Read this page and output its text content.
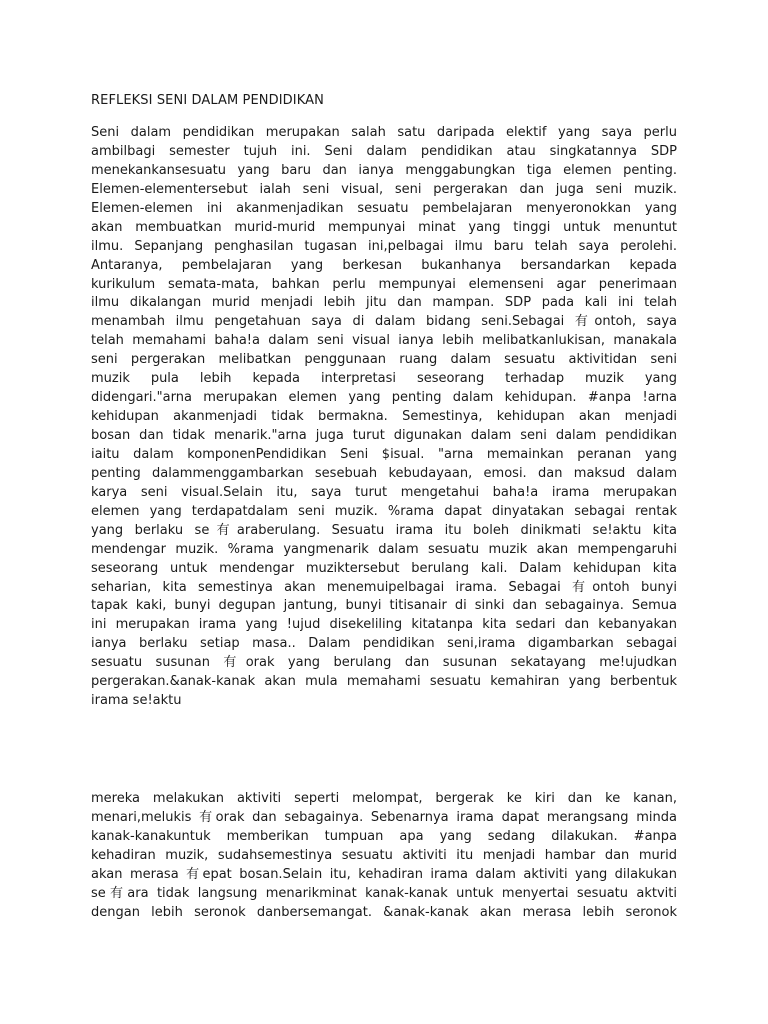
REFLEKSI SENI DALAM PENDIDIKAN
Seni dalam pendidikan merupakan salah satu daripada elektif yang saya perlu
ambilbagi semester tujuh ini. Seni dalam pendidikan atau singkatannya SDP
menekankansesuatu yang baru dan ianya menggabungkan tiga elemen penting.
Elemen-elementersebut ialah seni visual, seni pergerakan dan juga seni muzik.
Elemen-elemen ini akanmenjadikan sesuatu pembelajaran menyeronokkan yang
akan membuatkan murid-murid mempunyai minat yang tinggi untuk menuntut
ilmu. Sepanjang penghasilan tugasan ini,pelbagai ilmu baru telah saya perolehi.
Antaranya, pembelajaran yang berkesan bukanhanya bersandarkan kepada
kurikulum semata-mata, bahkan perlu mempunyai elemenseni agar penerimaan
ilmu dikalangan murid menjadi lebih jitu dan mampan. SDP pada kali ini telah
menambah ilmu pengetahuan saya di dalam bidang seni.Sebagai 有ontoh, saya
telah memahami baha!a dalam seni visual ianya lebih melibatkanlukisan, manakala
seni pergerakan melibatkan penggunaan ruang dalam sesuatu aktivitidan seni
muzik pula lebih kepada interpretasi seseorang terhadap muzik yang
didengari."arna merupakan elemen yang penting dalam kehidupan. #anpa !arna
kehidupan akanmenjadi tidak bermakna. Semestinya, kehidupan akan menjadi
bosan dan tidak menarik."arna juga turut digunakan dalam seni dalam pendidikan
iaitu dalam komponenPendidikan Seni $isual. "arna memainkan peranan yang
penting dalammenggambarkan sesebuah kebudayaan, emosi. dan maksud dalam
karya seni visual.Selain itu, saya turut mengetahui baha!a irama merupakan
elemen yang terdapatdalam seni muzik. %rama dapat dinyatakan sebagai rentak
yang berlaku se有araberulang. Sesuatu irama itu boleh dinikmati se!aktu kita
mendengar muzik. %rama yangmenarik dalam sesuatu muzik akan mempengaruhi
seseorang untuk mendengar muziktersebut berulang kali. Dalam kehidupan kita
seharian, kita semestinya akan menemuipelbagai irama. Sebagai 有ontoh bunyi
tapak kaki, bunyi degupan jantung, bunyi titisanair di sinki dan sebagainya. Semua
ini merupakan irama yang !ujud disekeliling kitatanpa kita sedari dan kebanyakan
ianya berlaku setiap masa.. Dalam pendidikan seni,irama digambarkan sebagai
sesuatu susunan 有orak yang berulang dan susunan sekatayang me!ujudkan
pergerakan.&anak-kanak akan mula memahami sesuatu kemahiran yang berbentuk
irama se!aktu
mereka melakukan aktiviti seperti melompat, bergerak ke kiri dan ke kanan,
menari,melukis 有orak dan sebagainya. Sebenarnya irama dapat merangsang minda
kanak-kanakuntuk memberikan tumpuan apa yang sedang dilakukan. #anpa
kehadiran muzik, sudahsemestinya sesuatu aktiviti itu menjadi hambar dan murid
akan merasa 有epat bosan.Selain itu, kehadiran irama dalam aktiviti yang dilakukan
se有ara tidak langsung menarikminat kanak-kanak untuk menyertai sesuatu aktviti
dengan lebih seronok danbersemangat. &anak-kanak akan merasa lebih seronok
